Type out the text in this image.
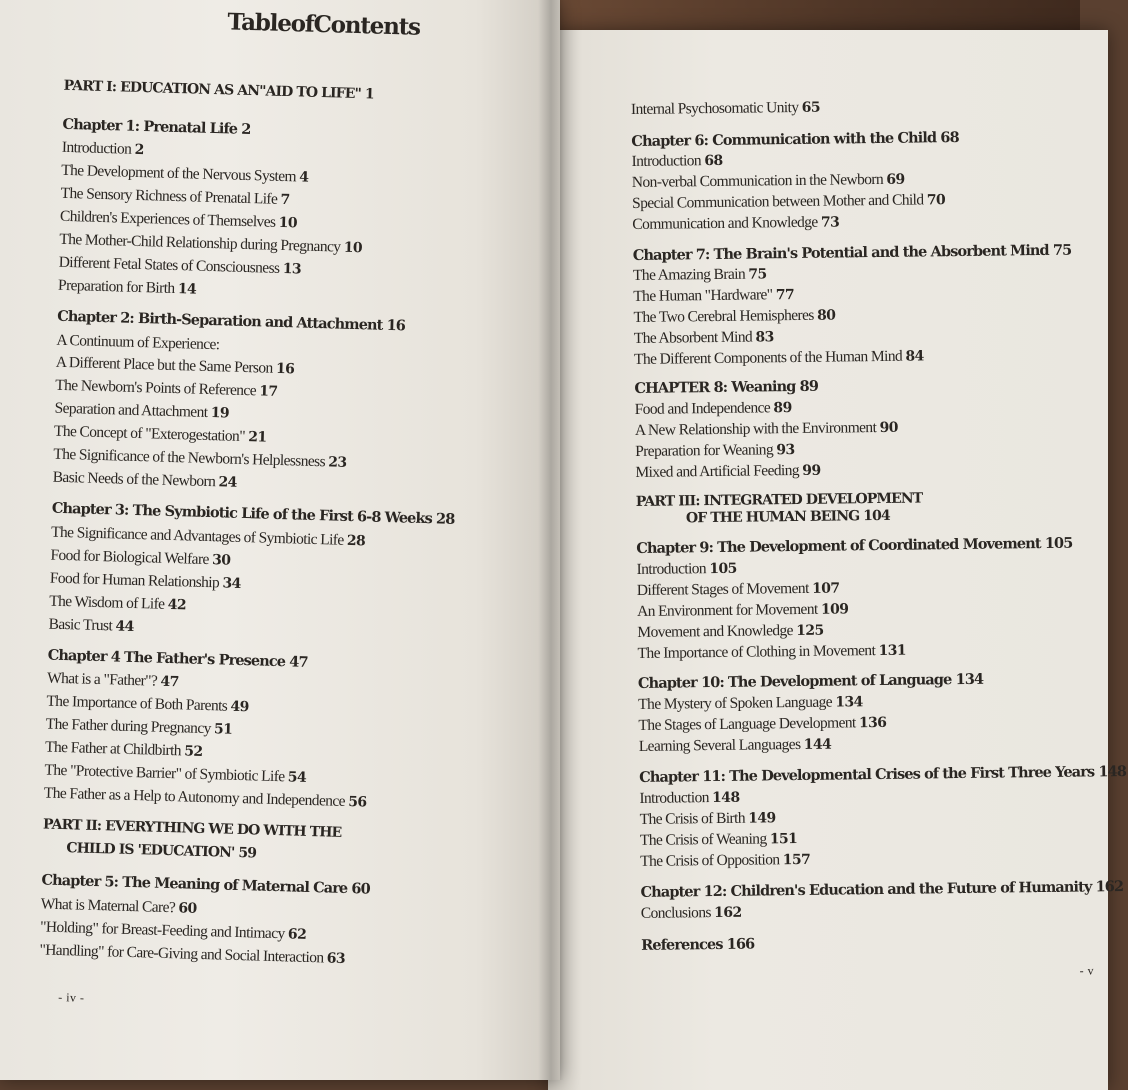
Internal Psychosomatic Unity 65
Chapter 6: Communication with the Child 68
Introduction 68
Non-verbal Communication in the Newborn 69
Special Communication between Mother and Child 70
Communication and Knowledge 73
Chapter 7: The Brain's Potential and the Absorbent Mind 75
The Amazing Brain 75
The Human "Hardware" 77
The Two Cerebral Hemispheres 80
The Absorbent Mind 83
The Different Components of the Human Mind 84
CHAPTER 8: Weaning 89
Food and Independence 89
A New Relationship with the Environment 90
Preparation for Weaning 93
Mixed and Artificial Feeding 99
PART III: INTEGRATED DEVELOPMENT
OF THE HUMAN BEING 104
Chapter 9: The Development of Coordinated Movement 105
Introduction 105
Different Stages of Movement 107
An Environment for Movement 109
Movement and Knowledge 125
The Importance of Clothing in Movement 131
Chapter 10: The Development of Language 134
The Mystery of Spoken Language 134
The Stages of Language Development 136
Learning Several Languages 144
Chapter 11: The Developmental Crises of the First Three Years 148
Introduction 148
The Crisis of Birth 149
The Crisis of Weaning 151
The Crisis of Opposition 157
Chapter 12: Children's Education and the Future of Humanity 162
Conclusions 162
References 166
- v
TableofContents
PART I: EDUCATION AS AN"AID TO LIFE" 1
Chapter 1: Prenatal Life 2
Introduction 2
The Development of the Nervous System 4
The Sensory Richness of Prenatal Life 7
Children's Experiences of Themselves 10
The Mother-Child Relationship during Pregnancy 10
Different Fetal States of Consciousness 13
Preparation for Birth 14
Chapter 2: Birth-Separation and Attachment 16
A Continuum of Experience:
A Different Place but the Same Person 16
The Newborn's Points of Reference 17
Separation and Attachment 19
The Concept of "Exterogestation" 21
The Significance of the Newborn's Helplessness 23
Basic Needs of the Newborn 24
Chapter 3: The Symbiotic Life of the First 6-8 Weeks 28
The Significance and Advantages of Symbiotic Life 28
Food for Biological Welfare 30
Food for Human Relationship 34
The Wisdom of Life 42
Basic Trust 44
Chapter 4 The Father's Presence 47
What is a "Father"? 47
The Importance of Both Parents 49
The Father during Pregnancy 51
The Father at Childbirth 52
The "Protective Barrier" of Symbiotic Life 54
The Father as a Help to Autonomy and Independence 56
PART II: EVERYTHING WE DO WITH THE
CHILD IS 'EDUCATION' 59
Chapter 5: The Meaning of Maternal Care 60
What is Maternal Care? 60
"Holding" for Breast-Feeding and Intimacy 62
"Handling" for Care-Giving and Social Interaction 63
- iv -
